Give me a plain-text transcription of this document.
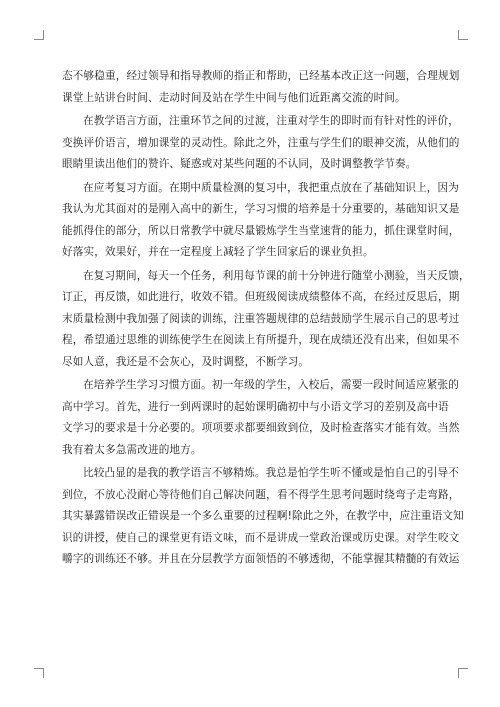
态不够稳重，经过领导和指导教师的指正和帮助，已经基本改正这一问题，合理规划
课堂上站讲台时间、走动时间及站在学生中间与他们近距离交流的时间。
在教学语言方面，注重环节之间的过渡，注重对学生的即时而有针对性的评价，
变换评价语言，增加课堂的灵动性。除此之外，注重与学生们的眼神交流，从他们的
眼睛里读出他们的赞许、疑惑或对某些问题的不认同，及时调整教学节奏。
在应考复习方面。在期中质量检测的复习中，我把重点放在了基础知识上，因为
我认为尤其面对的是刚入高中的新生，学习习惯的培养是十分重要的，基础知识又是
能抓得住的部分，所以日常教学中就尽量锻炼学生当堂速背的能力，抓住课堂时间，
好落实，效果好，并在一定程度上减轻了学生回家后的课业负担。
在复习期间，每天一个任务，利用每节课的前十分钟进行随堂小测验，当天反馈，
订正，再反馈，如此进行，收效不错。但班级阅读成绩整体不高，在经过反思后，期
末质量检测中我加强了阅读的训练，注重答题规律的总结鼓励学生展示自己的思考过
程，希望通过思维的训练使学生在阅读上有所提升，现在成绩还没有出来，但如果不
尽如人意，我还是不会灰心，及时调整，不断学习。
在培养学生学习习惯方面。初一年级的学生，入校后，需要一段时间适应紧张的
高中学习。首先，进行一到两课时的起始课明确初中与小语文学习的差别及高中语
文学习的要求是十分必要的。项项要求都要细致到位，及时检查落实才能有效。当然
我有着太多急需改进的地方。
比较凸显的是我的教学语言不够精炼。我总是怕学生听不懂或是怕自己的引导不
到位，不放心没耐心等待他们自己解决问题，看不得学生思考问题时绕弯子走弯路，
其实暴露错误改正错误是一个多么重要的过程啊!除此之外，在教学中，应注重语文知
识的讲授，使自己的课堂更有语文味，而不是讲成一堂政治课或历史课。对学生咬文
嚼字的训练还不够。并且在分层教学方面领悟的不够透彻，不能掌握其精髓的有效运
